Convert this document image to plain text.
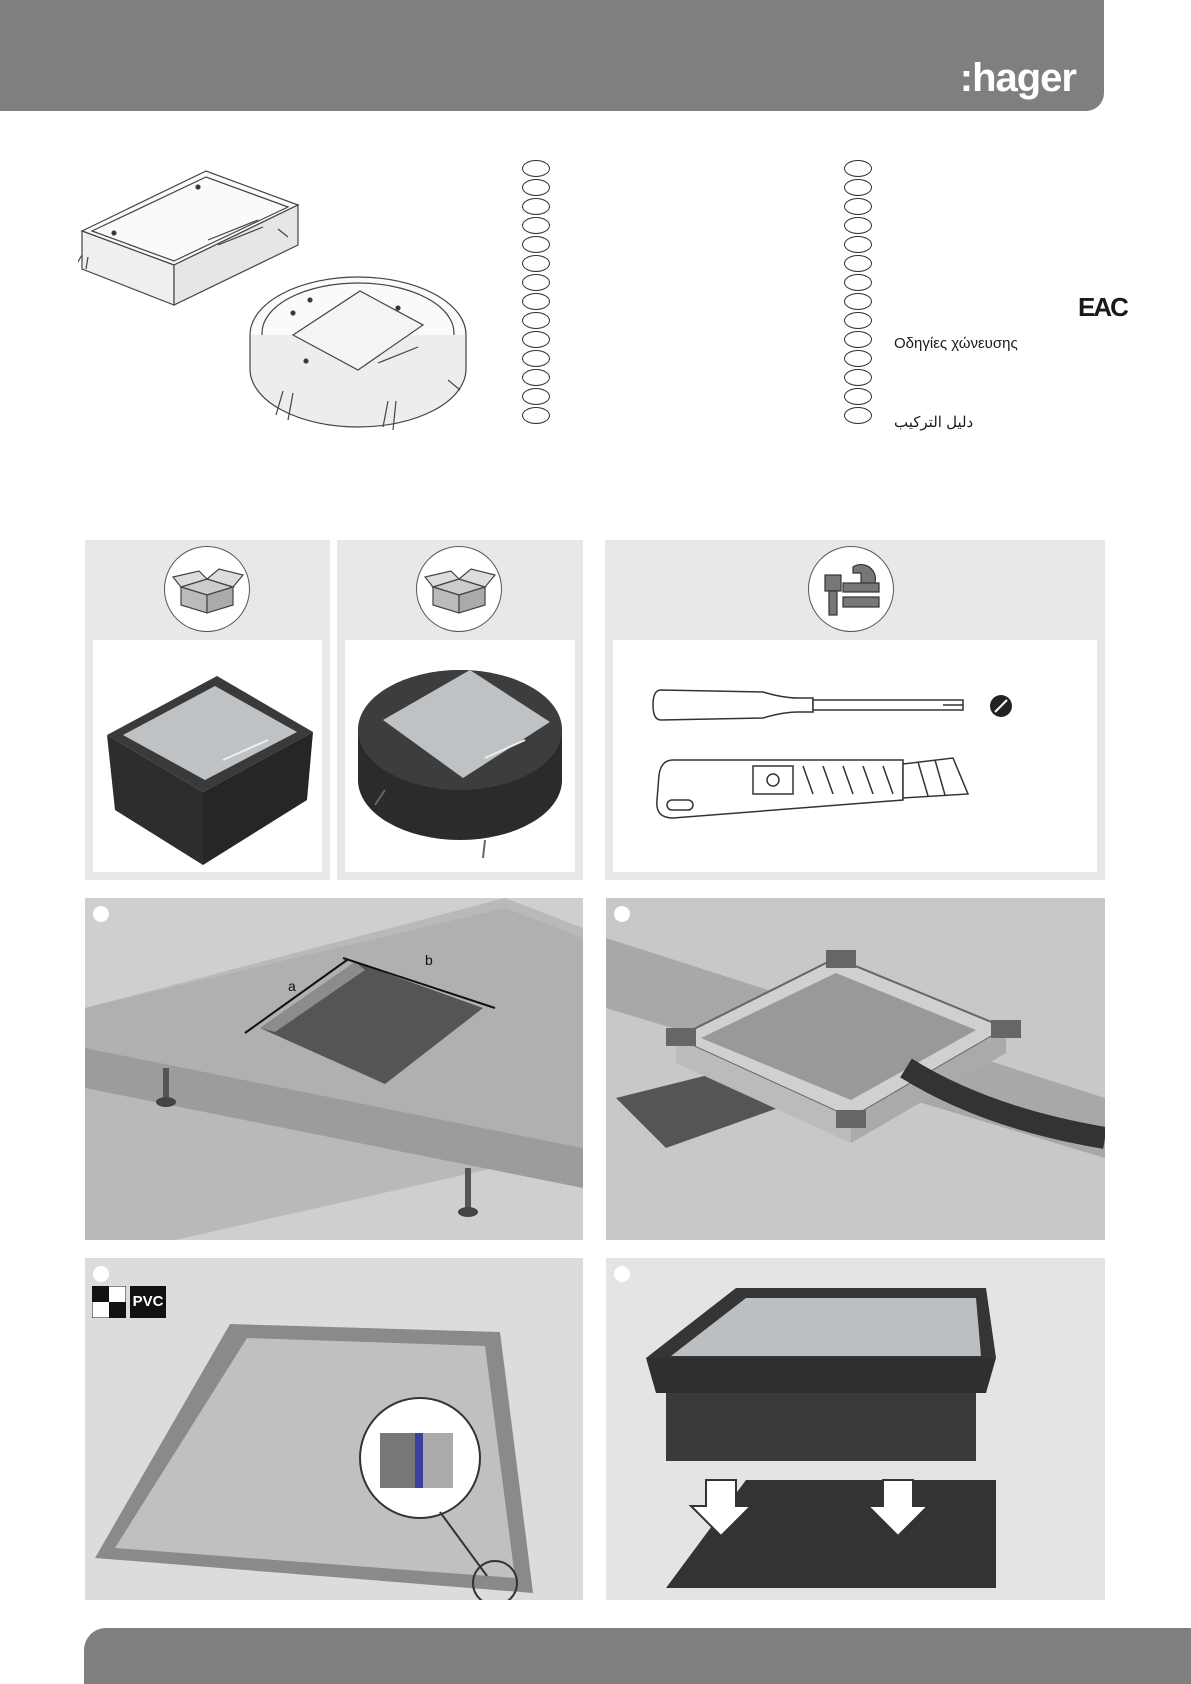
:hager
EAC
Οδηγίες χώνευσης
دليل التركيب
a
b
PVC
